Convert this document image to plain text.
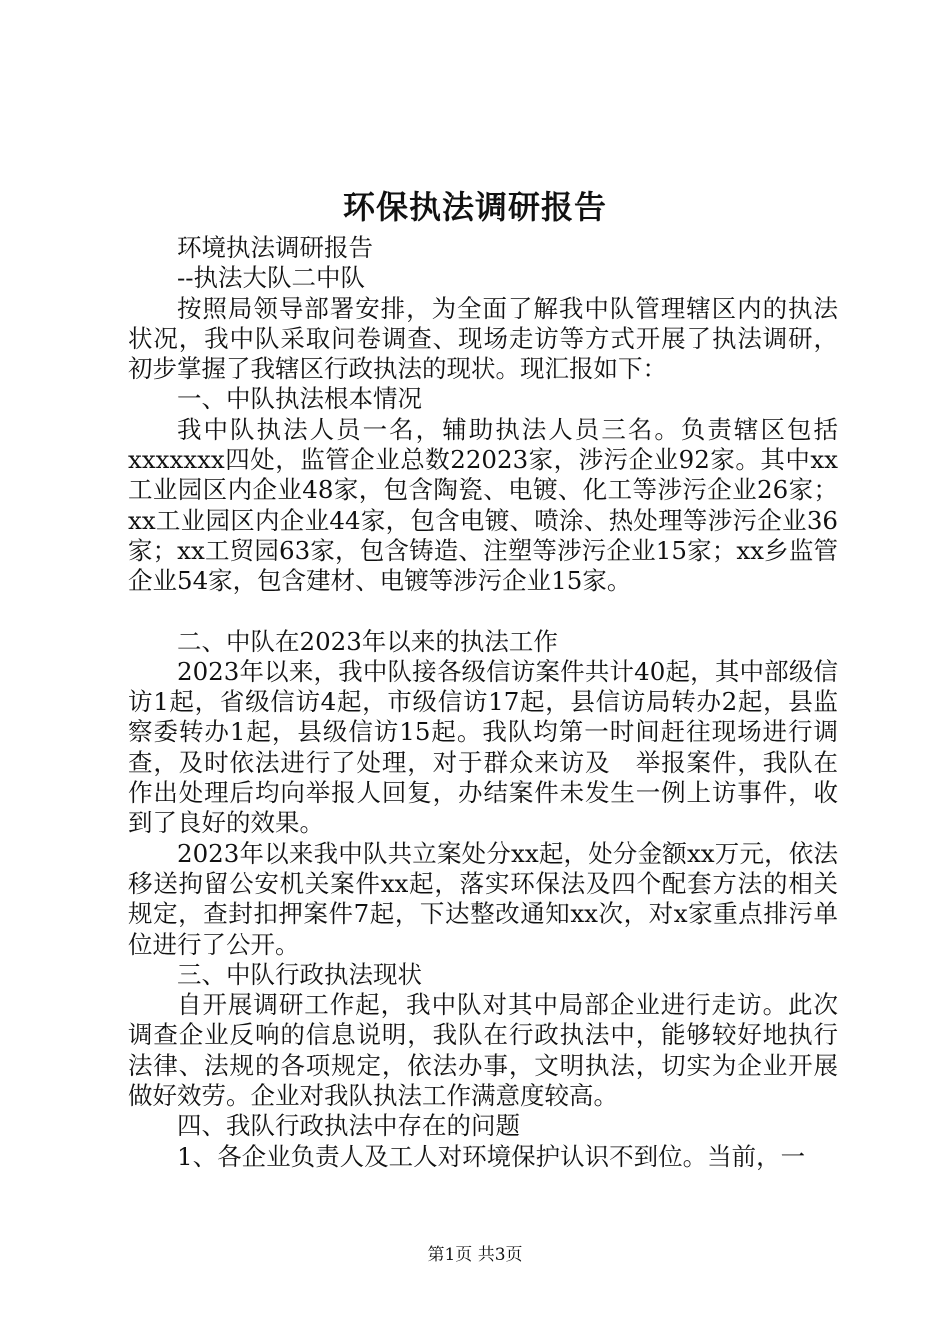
环保执法调研报告

环境执法调研报告

--执法大队二中队

按照局领导部署安排，为全面了解我中队管理辖区内的执法状况，我中队采取问卷调查、现场走访等方式开展了执法调研，初步掌握了我辖区行政执法的现状。现汇报如下：

一、中队执法根本情况

我中队执法人员一名，辅助执法人员三名。负责辖区包括xxxxxxx四处，监管企业总数22023家，涉污企业92家。其中xx工业园区内企业48家，包含陶瓷、电镀、化工等涉污企业26家；xx工业园区内企业44家，包含电镀、喷涂、热处理等涉污企业36家；xx工贸园63家，包含铸造、注塑等涉污企业15家；xx乡监管企业54家，包含建材、电镀等涉污企业15家。

二、中队在2023年以来的执法工作

2023年以来，我中队接各级信访案件共计40起，其中部级信访1起，省级信访4起，市级信访17起，县信访局转办2起，县监察委转办1起，县级信访15起。我队均第一时间赶往现场进行调查，及时依法进行了处理，对于群众来访及　举报案件，我队在作出处理后均向举报人回复，办结案件未发生一例上访事件，收到了良好的效果。

2023年以来我中队共立案处分xx起，处分金额xx万元，依法移送拘留公安机关案件xx起，落实环保法及四个配套方法的相关规定，查封扣押案件7起，下达整改通知xx次，对x家重点排污单位进行了公开。

三、中队行政执法现状

自开展调研工作起，我中队对其中局部企业进行走访。此次调查企业反响的信息说明，我队在行政执法中，能够较好地执行法律、法规的各项规定，依法办事，文明执法，切实为企业开展做好效劳。企业对我队执法工作满意度较高。

四、我队行政执法中存在的问题

1、各企业负责人及工人对环境保护认识不到位。当前，一

第1页 共3页
